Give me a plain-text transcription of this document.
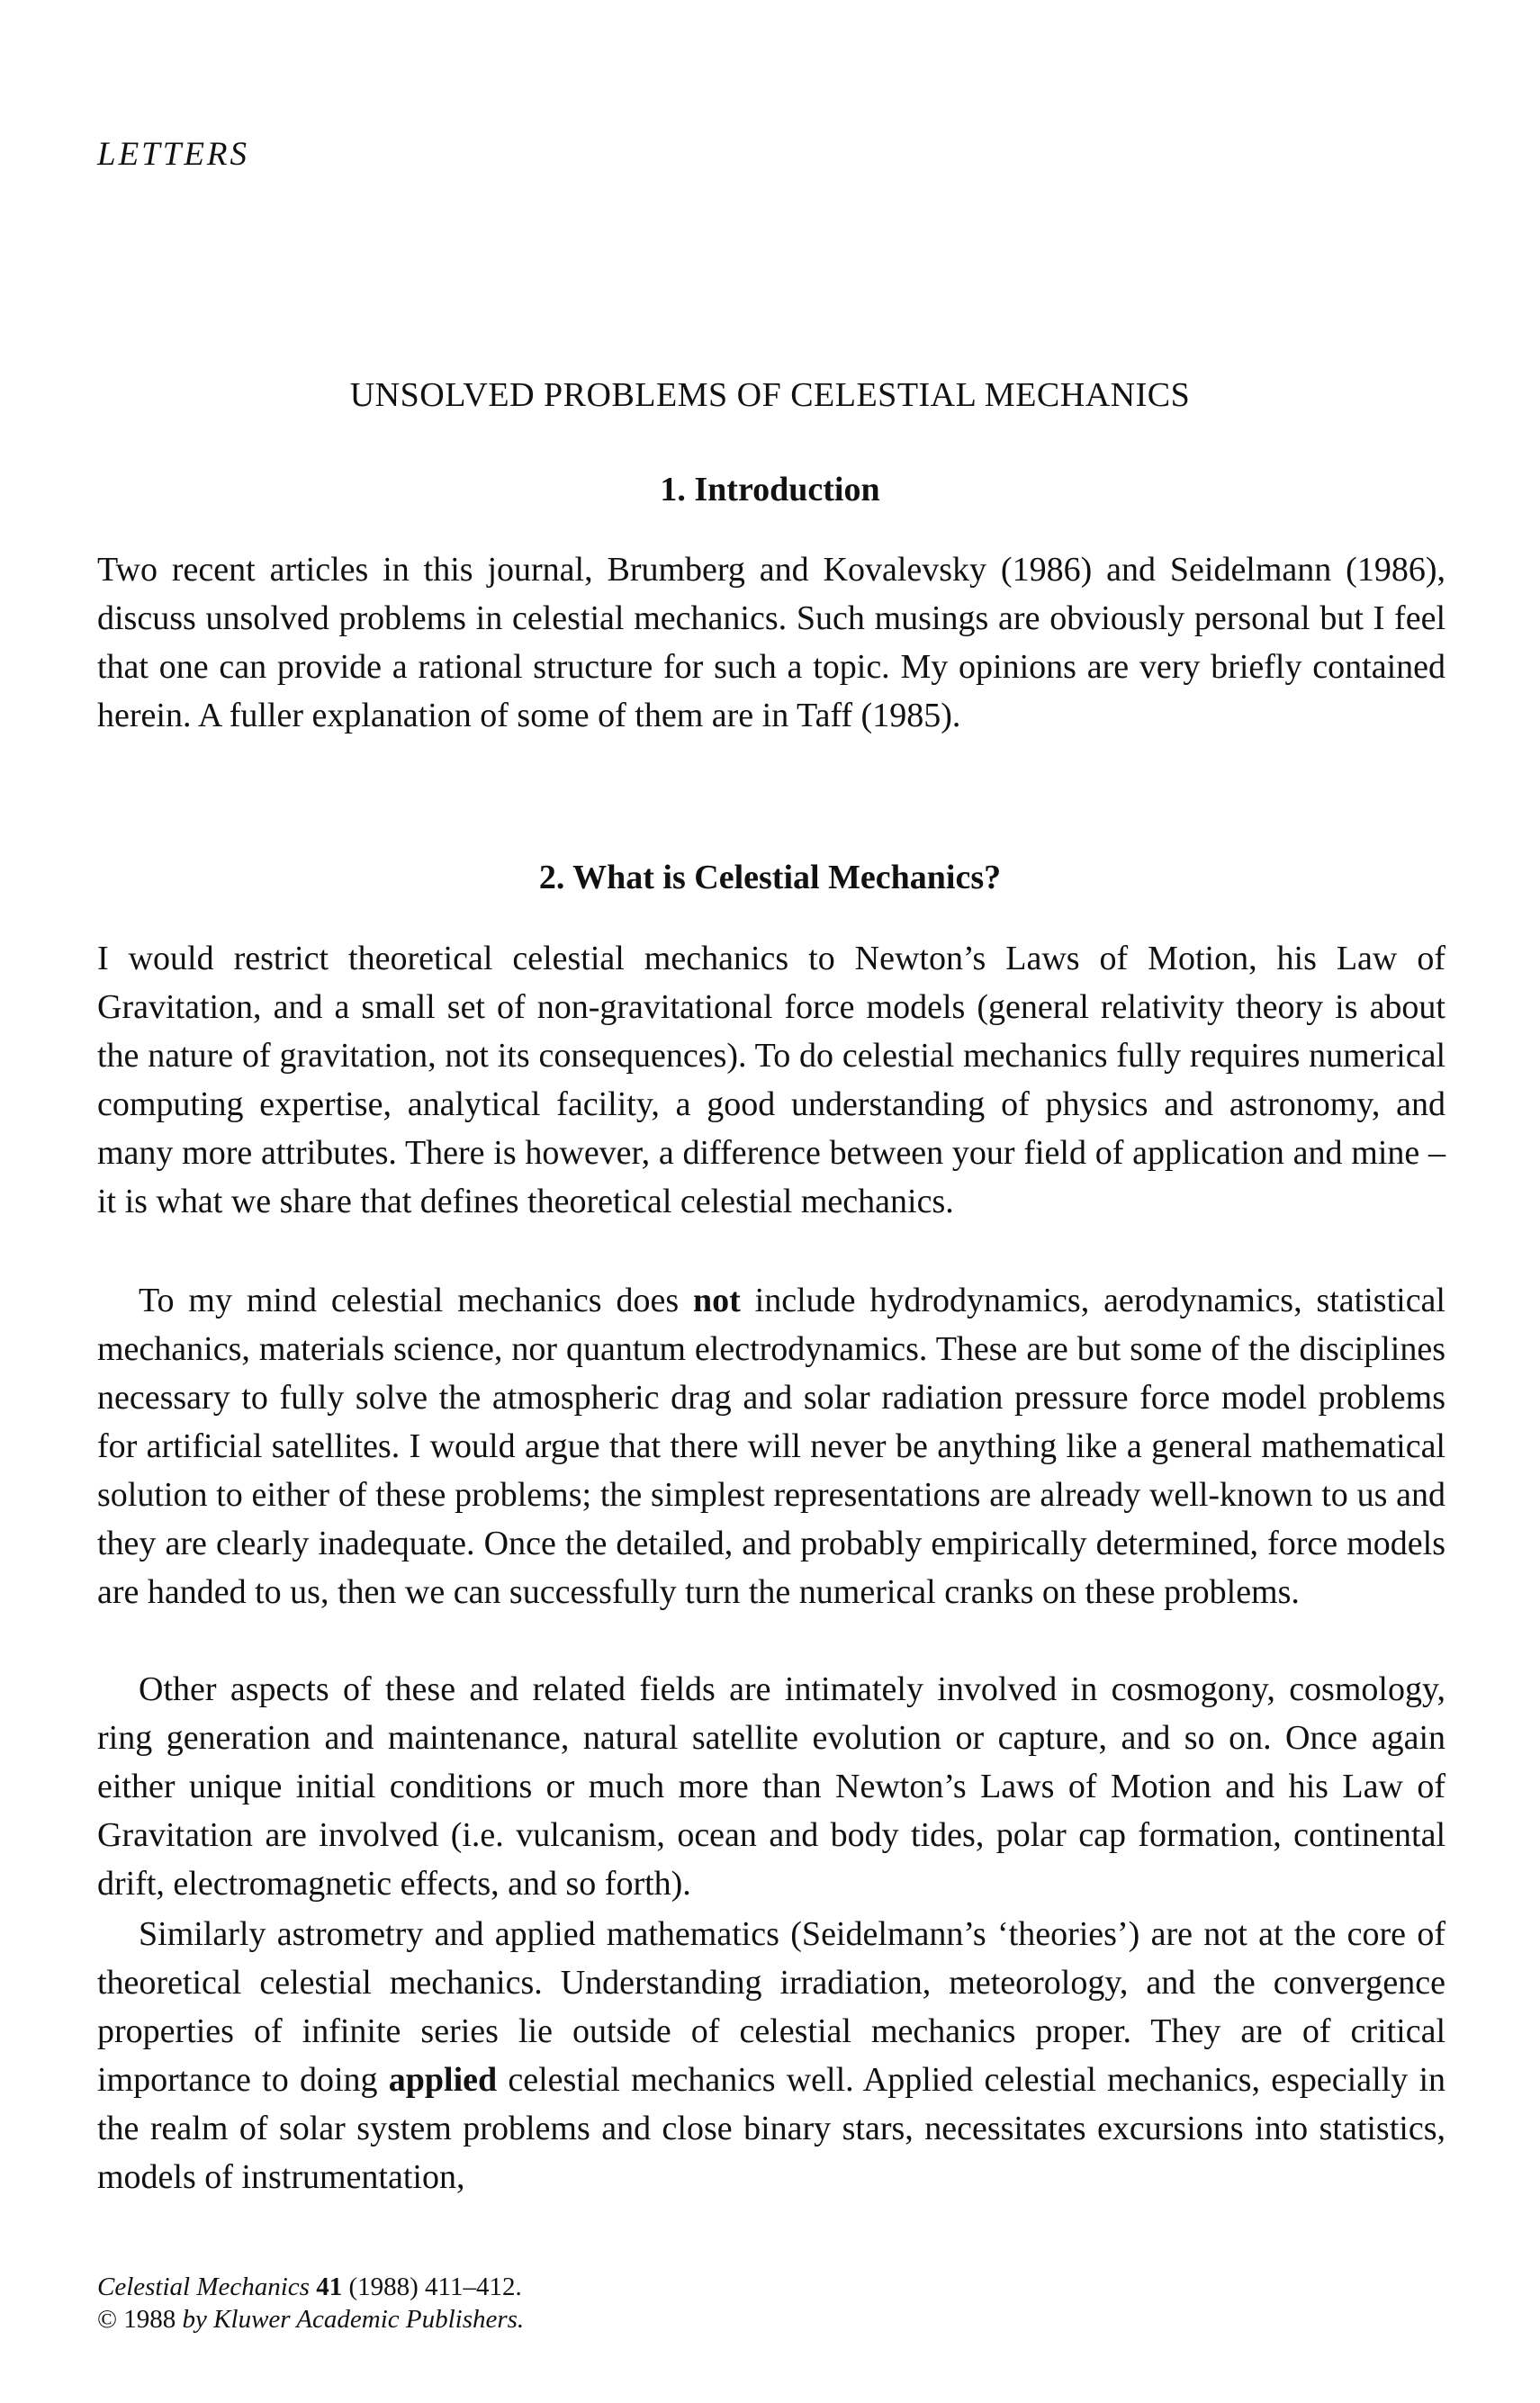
LETTERS
UNSOLVED PROBLEMS OF CELESTIAL MECHANICS
1. Introduction

Two recent articles in this journal, Brumberg and Kovalevsky (1986) and Seidelmann (1986), discuss unsolved problems in celestial mechanics. Such musings are obviously personal but I feel that one can provide a rational structure for such a topic. My opinions are very briefly contained herein. A fuller explanation of some of them are in Taff (1985).

2. What is Celestial Mechanics?

I would restrict theoretical celestial mechanics to Newton’s Laws of Motion, his Law of Gravitation, and a small set of non-gravitational force models (general relativity theory is about the nature of gravitation, not its consequences). To do celestial mechanics fully requires numerical computing expertise, analytical facility, a good understanding of physics and astronomy, and many more attributes. There is however, a difference between your field of application and mine – it is what we share that defines theoretical celestial mechanics.

To my mind celestial mechanics does not include hydrodynamics, aerodynamics, statistical mechanics, materials science, nor quantum electrodynamics. These are but some of the disciplines necessary to fully solve the atmospheric drag and solar radiation pressure force model problems for artificial satellites. I would argue that there will never be anything like a general mathematical solution to either of these problems; the simplest representations are already well-known to us and they are clearly inadequate. Once the detailed, and probably empirically determined, force models are handed to us, then we can successfully turn the numerical cranks on these problems.

Other aspects of these and related fields are intimately involved in cosmogony, cosmology, ring generation and maintenance, natural satellite evolution or capture, and so on. Once again either unique initial conditions or much more than Newton’s Laws of Motion and his Law of Gravitation are involved (i.e. vulcanism, ocean and body tides, polar cap formation, continental drift, electromagnetic effects, and so forth).

Similarly astrometry and applied mathematics (Seidelmann’s ‘theories’) are not at the core of theoretical celestial mechanics. Understanding irradiation, meteorology, and the convergence properties of infinite series lie outside of celestial mechanics proper. They are of critical importance to doing applied celestial mechanics well. Applied celestial mechanics, especially in the realm of solar system problems and close binary stars, necessitates excursions into statistics, models of instrumentation,

Celestial Mechanics 41 (1988) 411–412.
© 1988 by Kluwer Academic Publishers.
